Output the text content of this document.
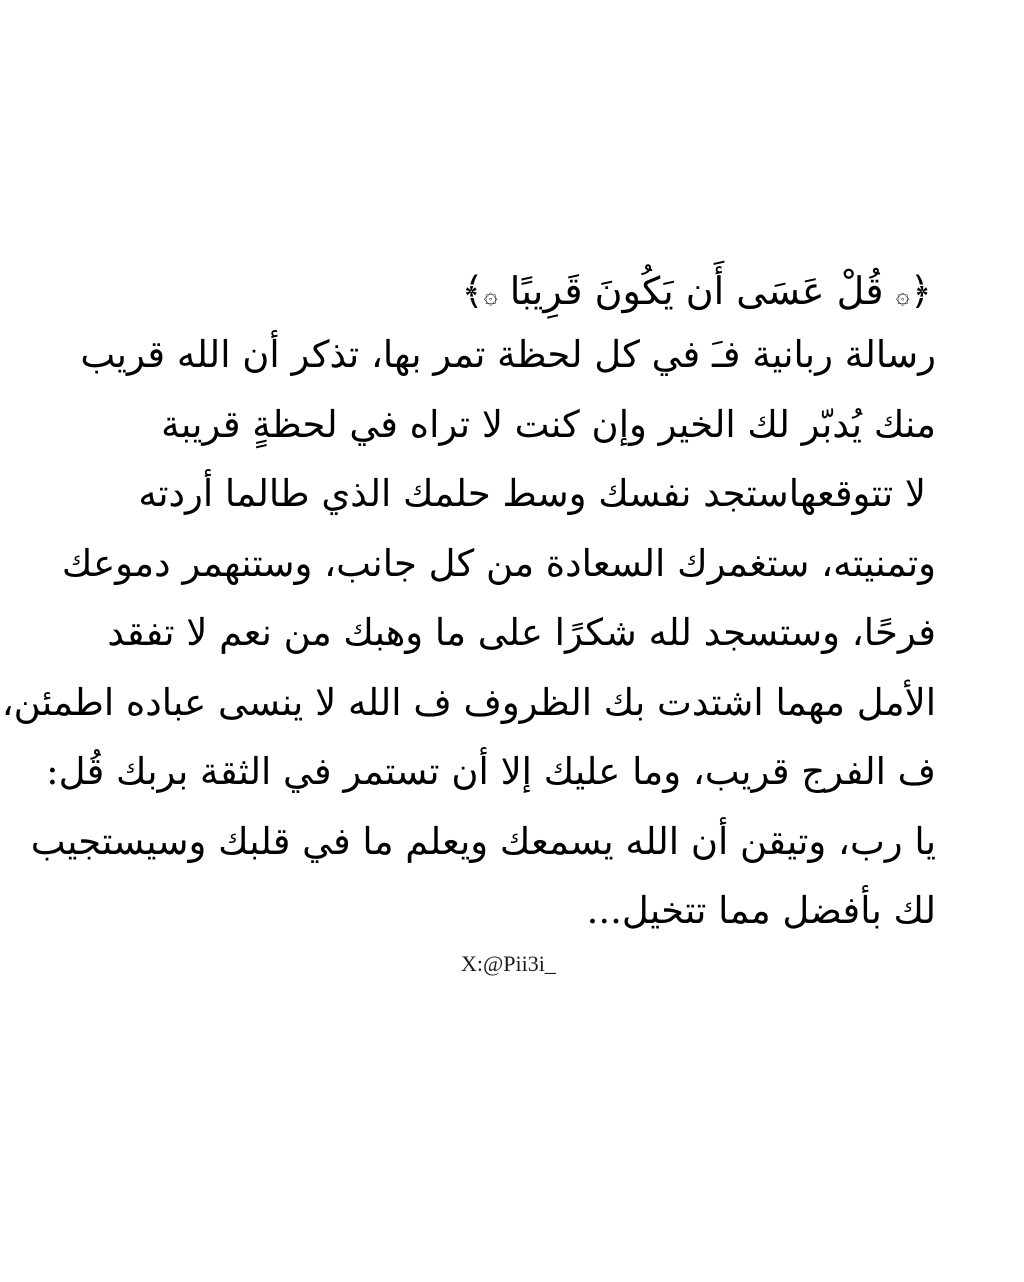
﴿۞ قُلْ عَسَى أَن يَكُونَ قَرِيبًا ۞﴾
رسالة ربانية فـَ في كل لحظة تمر بها، تذكر أن الله قريب
منك يُدبّر لك الخير وإن كنت لا تراه في لحظةٍ قريبة
لا تتوقعهاستجد نفسك وسط حلمك الذي طالما أردته
وتمنيته، ستغمرك السعادة من كل جانب، وستنهمر دموعك
فرحًا، وستسجد لله شكرًا على ما وهبك من نعم لا تفقد
الأمل مهما اشتدت بك الظروف ف الله لا ينسى عباده اطمئن،
ف الفرج قريب، وما عليك إلا أن تستمر في الثقة بربك قُل:
يا رب، وتيقن أن الله يسمعك ويعلم ما في قلبك وسيستجيب
لك بأفضل مما تتخيل...
X:@Pii3i_
